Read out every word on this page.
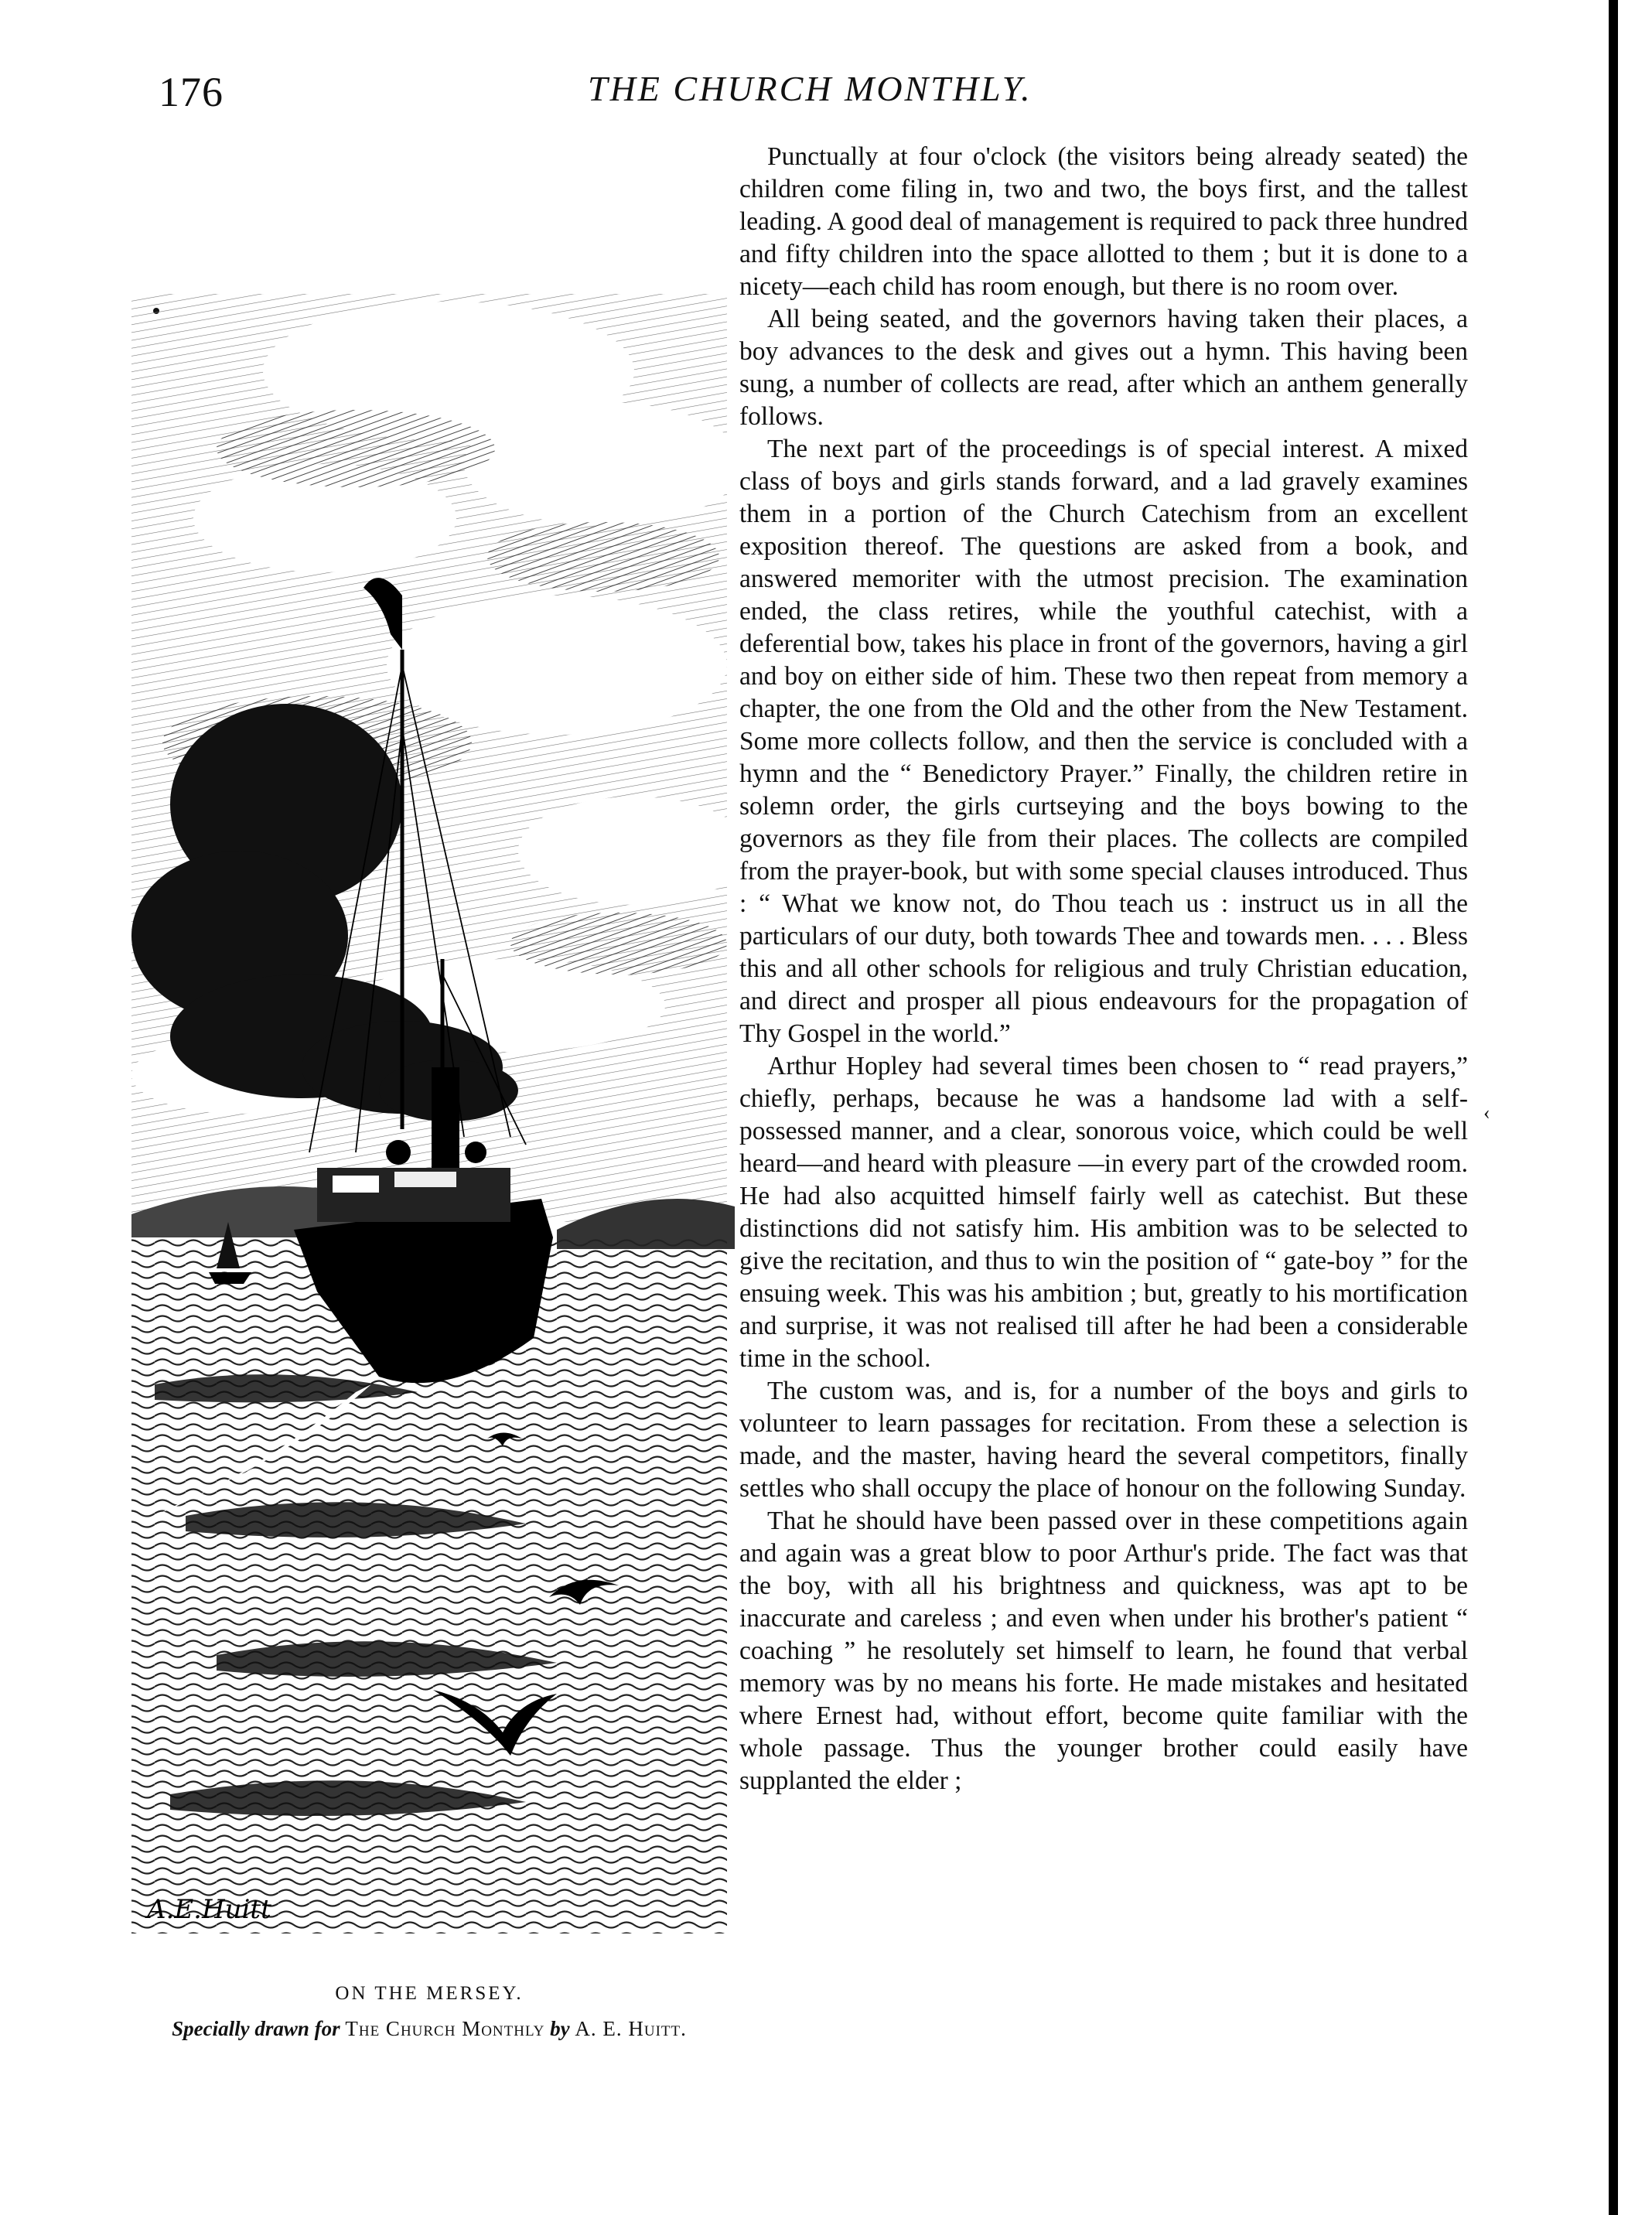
176	THE CHURCH MONTHLY.
A.E.Huitt
ON THE MERSEY.
Specially drawn for The Church Monthly by A. E. Huitt.

Punctually at four o'clock (the visitors being already seated) the children come filing in, two and two, the boys first, and the tallest leading. A good deal of management is required to pack three hundred and fifty children into the space allotted to them ; but it is done to a nicety—each child has room enough, but there is no room over.

All being seated, and the governors having taken their places, a boy advances to the desk and gives out a hymn. This having been sung, a number of collects are read, after which an anthem generally follows.

The next part of the proceedings is of special interest. A mixed class of boys and girls stands forward, and a lad gravely examines them in a portion of the Church Catechism from an excellent exposition thereof. The questions are asked from a book, and answered memoriter with the utmost precision. The examination ended, the class retires, while the youthful catechist, with a deferential bow, takes his place in front of the governors, having a girl and boy on either side of him. These two then repeat from memory a chapter, the one from the Old and the other from the New Testament. Some more collects follow, and then the service is concluded with a hymn and the “ Benedictory Prayer.” Finally, the children retire in solemn order, the girls curtseying and the boys bowing to the governors as they file from their places. The collects are compiled from the prayer-book, but with some special clauses introduced. Thus : “ What we know not, do Thou teach us : instruct us in all the particulars of our duty, both towards Thee and towards men. . . . Bless this and all other schools for religious and truly Christian education, and direct and prosper all pious endeavours for the propagation of Thy Gospel in the world.”

Arthur Hopley had several times been chosen to “ read prayers,” chiefly, perhaps, because he was a handsome lad with a self-possessed manner, and a clear, sonorous voice, which could be well heard—and heard with pleasure —in every part of the crowded room. He had also acquitted himself fairly well as catechist. But these distinctions did not satisfy him. His ambition was to be selected to give the recitation, and thus to win the position of “ gate-boy ” for the ensuing week. This was his ambition ; but, greatly to his mortification and surprise, it was not realised till after he had been a considerable time in the school.

The custom was, and is, for a number of the boys and girls to volunteer to learn passages for recitation. From these a selection is made, and the master, having heard the several competitors, finally settles who shall occupy the place of honour on the following Sunday.

That he should have been passed over in these competitions again and again was a great blow to poor Arthur's pride. The fact was that the boy, with all his brightness and quickness, was apt to be inaccurate and careless ; and even when under his brother's patient “ coaching ” he resolutely set himself to learn, he found that verbal memory was by no means his forte. He made mistakes and hesitated where Ernest had, without effort, become quite familiar with the whole passage. Thus the younger brother could easily have supplanted the elder ;

‹
